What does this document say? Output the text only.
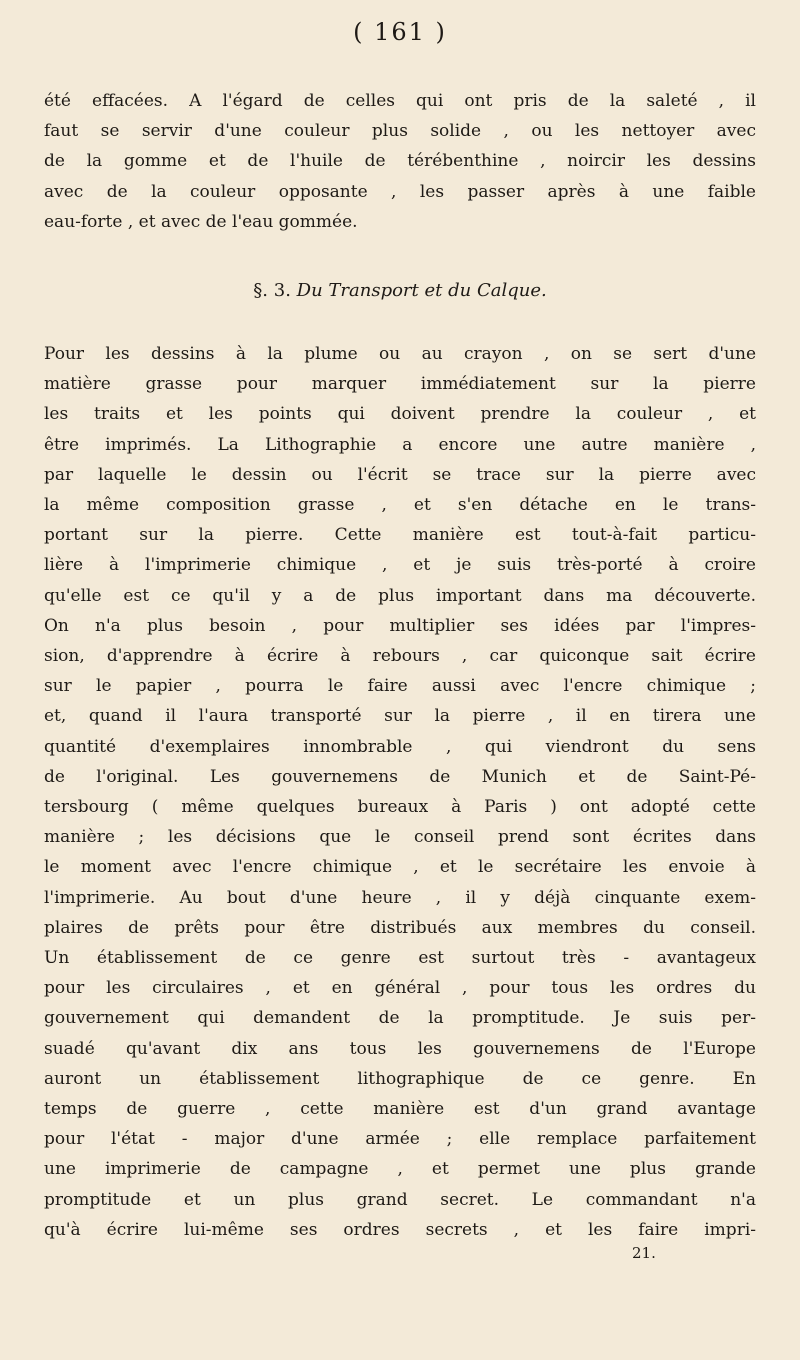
( 161 )
été effacées. A l'égard de celles qui ont pris de la saleté , il
faut se servir d'une couleur plus solide , ou les nettoyer avec
de la gomme et de l'huile de térébenthine , noircir les dessins
avec de la couleur opposante , les passer après à une faible
eau-forte , et avec de l'eau gommée.
§. 3. Du Transport et du Calque.
Pour les dessins à la plume ou au crayon , on se sert d'une
matière grasse pour marquer immédiatement sur la pierre
les traits et les points qui doivent prendre la couleur , et
être imprimés. La Lithographie a encore une autre manière ,
par laquelle le dessin ou l'écrit se trace sur la pierre avec
la même composition grasse , et s'en détache en le trans-
portant sur la pierre. Cette manière est tout-à-fait particu-
lière à l'imprimerie chimique , et je suis très-porté à croire
qu'elle est ce qu'il y a de plus important dans ma découverte.
On n'a plus besoin , pour multiplier ses idées par l'impres-
sion, d'apprendre à écrire à rebours , car quiconque sait écrire
sur le papier , pourra le faire aussi avec l'encre chimique ;
et, quand il l'aura transporté sur la pierre , il en tirera une
quantité d'exemplaires innombrable , qui viendront du sens
de l'original. Les gouvernemens de Munich et de Saint-Pé-
tersbourg ( même quelques bureaux à Paris ) ont adopté cette
manière ; les décisions que le conseil prend sont écrites dans
le moment avec l'encre chimique , et le secrétaire les envoie à
l'imprimerie. Au bout d'une heure , il y déjà cinquante exem-
plaires de prêts pour être distribués aux membres du conseil.
Un établissement de ce genre est surtout très - avantageux
pour les circulaires , et en général , pour tous les ordres du
gouvernement qui demandent de la promptitude. Je suis per-
suadé qu'avant dix ans tous les gouvernemens de l'Europe
auront un établissement lithographique de ce genre. En
temps de guerre , cette manière est d'un grand avantage
pour l'état - major d'une armée ; elle remplace parfaitement
une imprimerie de campagne , et permet une plus grande
promptitude et un plus grand secret. Le commandant n'a
qu'à écrire lui-même ses ordres secrets , et les faire impri-
21.
